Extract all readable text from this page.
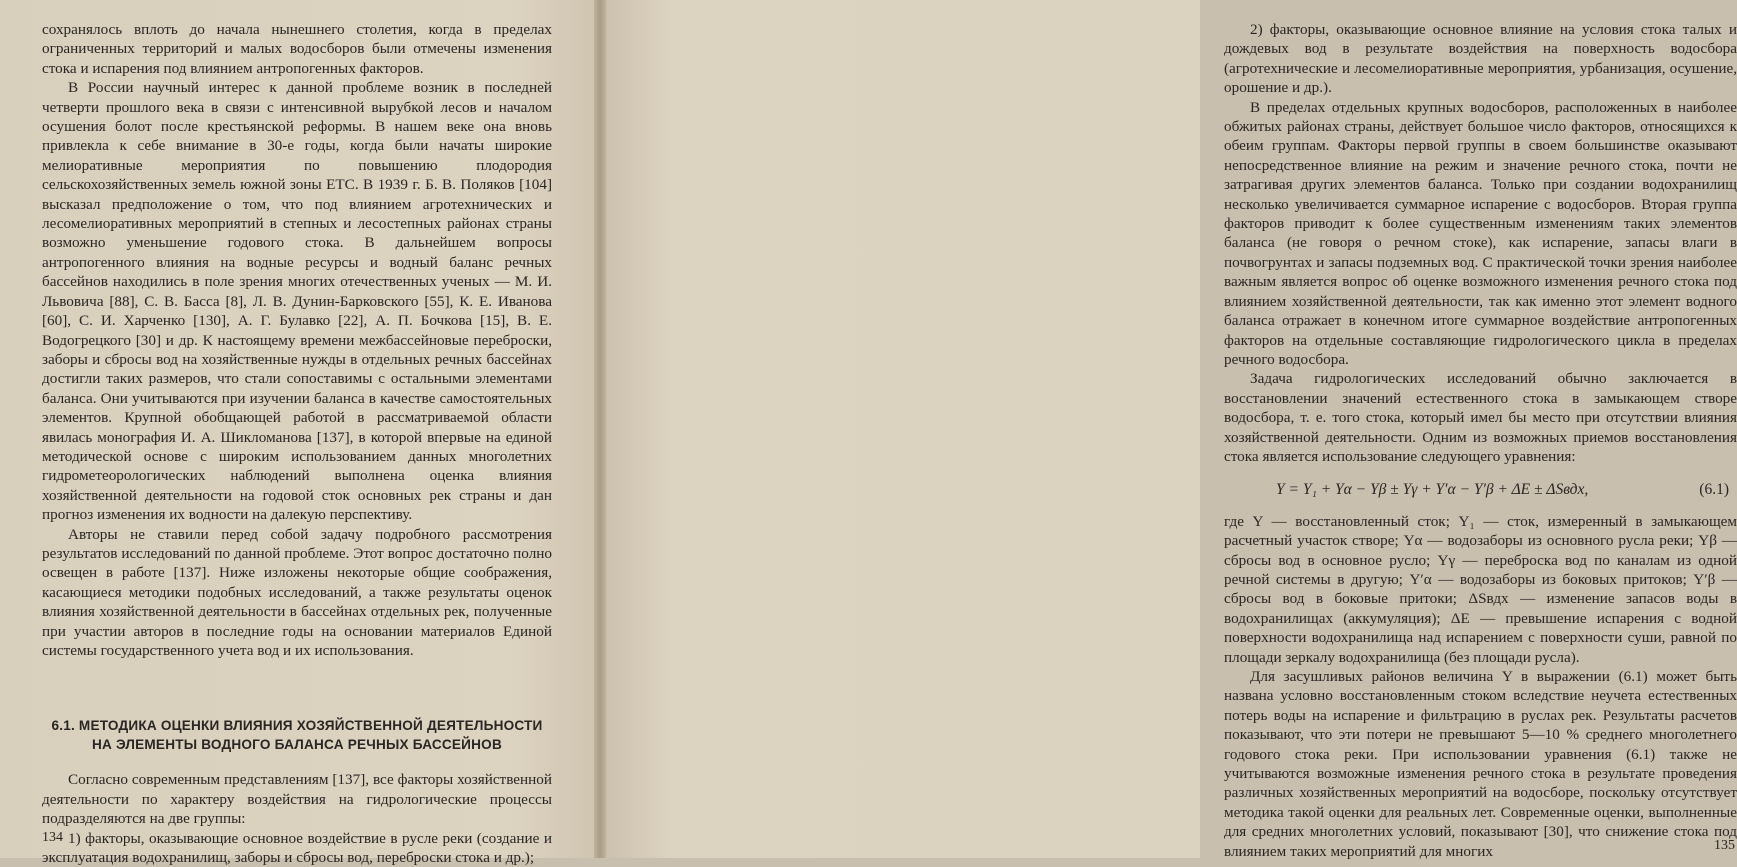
сохранялось вплоть до начала нынешнего столетия, когда в пределах ограниченных территорий и малых водосборов были отмечены изменения стока и испарения под влиянием антропогенных факторов.

В России научный интерес к данной проблеме возник в последней четверти прошлого века в связи с интенсивной вырубкой лесов и началом осушения болот после крестьянской реформы. В нашем веке она вновь привлекла к себе внимание в 30-е годы, когда были начаты широкие мелиоративные мероприятия по повышению плодородия сельскохозяйственных земель южной зоны ЕТС. В 1939 г. Б. В. Поляков [104] высказал предположение о том, что под влиянием агротехнических и лесомелиоративных мероприятий в степных и лесостепных районах страны возможно уменьшение годового стока. В дальнейшем вопросы антропогенного влияния на водные ресурсы и водный баланс речных бассейнов находились в поле зрения многих отечественных ученых — М. И. Львовича [88], С. В. Басса [8], Л. В. Дунин-Барковского [55], К. Е. Иванова [60], С. И. Харченко [130], А. Г. Булавко [22], А. П. Бочкова [15], В. Е. Водогрецкого [30] и др. К настоящему времени межбассейновые переброски, заборы и сбросы вод на хозяйственные нужды в отдельных речных бассейнах достигли таких размеров, что стали сопоставимы с остальными элементами баланса. Они учитываются при изучении баланса в качестве самостоятельных элементов. Крупной обобщающей работой в рассматриваемой области явилась монография И. А. Шикломанова [137], в которой впервые на единой методической основе с широким использованием данных многолетних гидрометеорологических наблюдений выполнена оценка влияния хозяйственной деятельности на годовой сток основных рек страны и дан прогноз изменения их водности на далекую перспективу.

Авторы не ставили перед собой задачу подробного рассмотрения результатов исследований по данной проблеме. Этот вопрос достаточно полно освещен в работе [137]. Ниже изложены некоторые общие соображения, касающиеся методики подобных исследований, а также результаты оценок влияния хозяйственной деятельности в бассейнах отдельных рек, полученные при участии авторов в последние годы на основании материалов Единой системы государственного учета вод и их использования.

6.1. МЕТОДИКА ОЦЕНКИ ВЛИЯНИЯ ХОЗЯЙСТВЕННОЙ ДЕЯТЕЛЬНОСТИ
НА ЭЛЕМЕНТЫ ВОДНОГО БАЛАНСА РЕЧНЫХ БАССЕЙНОВ

Согласно современным представлениям [137], все факторы хозяйственной деятельности по характеру воздействия на гидрологические процессы подразделяются на две группы:

1) факторы, оказывающие основное воздействие в русле реки (создание и эксплуатация водохранилищ, заборы и сбросы вод, переброски стока и др.);

134

2) факторы, оказывающие основное влияние на условия стока талых и дождевых вод в результате воздействия на поверхность водосбора (агротехнические и лесомелиоративные мероприятия, урбанизация, осушение, орошение и др.).

В пределах отдельных крупных водосборов, расположенных в наиболее обжитых районах страны, действует большое число факторов, относящихся к обеим группам. Факторы первой группы в своем большинстве оказывают непосредственное влияние на режим и значение речного стока, почти не затрагивая других элементов баланса. Только при создании водохранилищ несколько увеличивается суммарное испарение с водосборов. Вторая группа факторов приводит к более существенным изменениям таких элементов баланса (не говоря о речном стоке), как испарение, запасы влаги в почвогрунтах и запасы подземных вод. С практической точки зрения наиболее важным является вопрос об оценке возможного изменения речного стока под влиянием хозяйственной деятельности, так как именно этот элемент водного баланса отражает в конечном итоге суммарное воздействие антропогенных факторов на отдельные составляющие гидрологического цикла в пределах речного водосбора.

Задача гидрологических исследований обычно заключается в восстановлении значений естественного стока в замыкающем створе водосбора, т. е. того стока, который имел бы место при отсутствии влияния хозяйственной деятельности. Одним из возможных приемов восстановления стока является использование следующего уравнения:

Y = Y₁ + Yα − Yβ ± Yγ + Y′α − Y′β + ΔE ± ΔSвдх,	(6.1)

где Y — восстановленный сток; Y₁ — сток, измеренный в замыкающем расчетный участок створе; Yα — водозаборы из основного русла реки; Yβ — сбросы вод в основное русло; Yγ — переброска вод по каналам из одной речной системы в другую; Y′α — водозаборы из боковых притоков; Y′β — сбросы вод в боковые притоки; ΔSвдх — изменение запасов воды в водохранилищах (аккумуляция); ΔE — превышение испарения с водной поверхности водохранилища над испарением с поверхности суши, равной по площади зеркалу водохранилища (без площади русла).

Для засушливых районов величина Y в выражении (6.1) может быть названа условно восстановленным стоком вследствие неучета естественных потерь воды на испарение и фильтрацию в руслах рек. Результаты расчетов показывают, что эти потери не превышают 5—10 % среднего многолетнего годового стока реки. При использовании уравнения (6.1) также не учитываются возможные изменения речного стока в результате проведения различных хозяйственных мероприятий на водосборе, поскольку отсутствует методика такой оценки для реальных лет. Современные оценки, выполненные для средних многолетних условий, показывают [30], что снижение стока под влиянием таких мероприятий для многих	135
